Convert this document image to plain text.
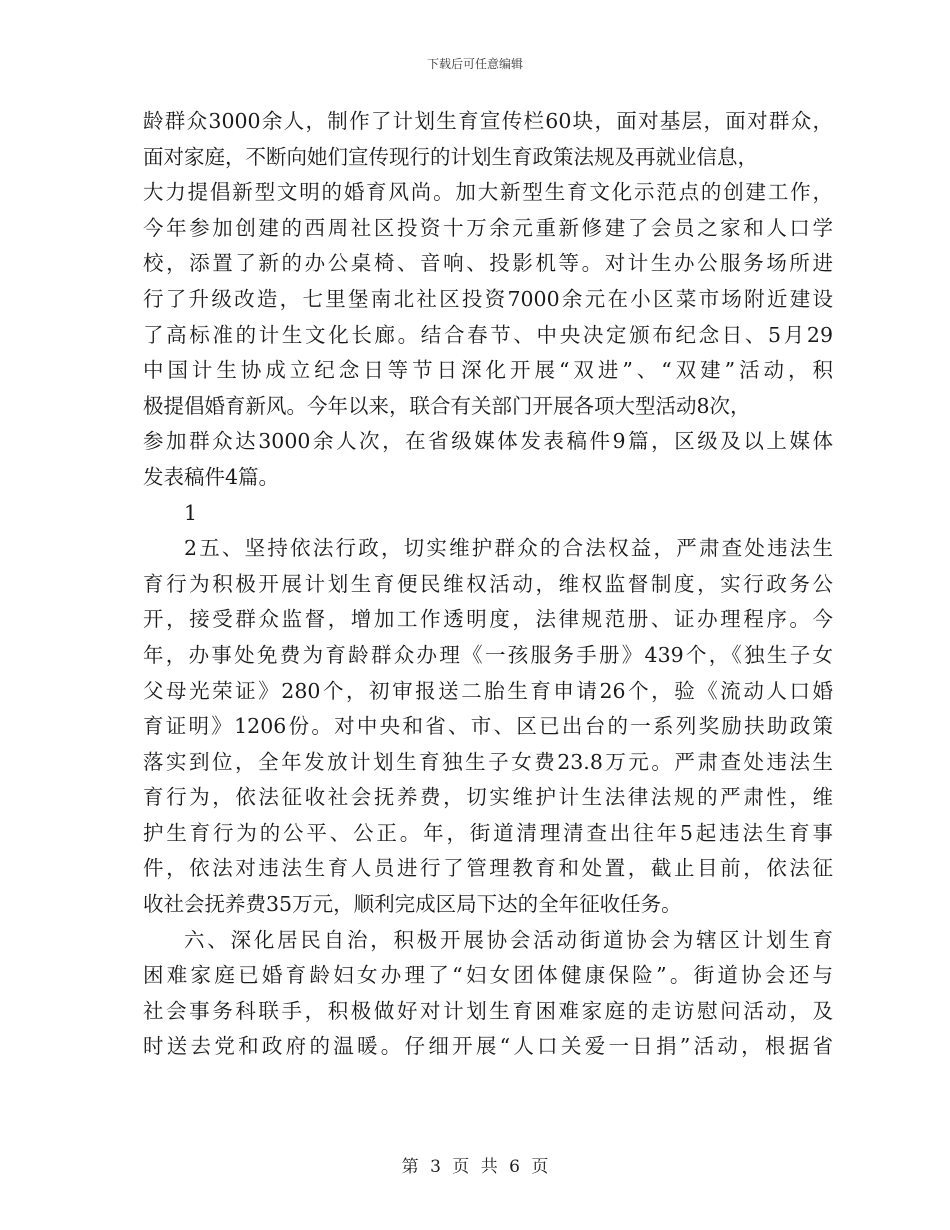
下载后可任意编辑
龄群众3000余人，制作了计划生育宣传栏60块，面对基层，面对群众，
面对家庭，不断向她们宣传现行的计划生育政策法规及再就业信息，
大力提倡新型文明的婚育风尚。加大新型生育文化示范点的创建工作，
今年参加创建的西周社区投资十万余元重新修建了会员之家和人口学
校，添置了新的办公桌椅、音响、投影机等。对计生办公服务场所进
行了升级改造，七里堡南北社区投资7000余元在小区菜市场附近建设
了高标准的计生文化长廊。结合春节、中央决定颁布纪念日、5月29
中国计生协成立纪念日等节日深化开展“双进”、“双建”活动，积
极提倡婚育新风。今年以来，联合有关部门开展各项大型活动8次，
参加群众达3000余人次，在省级媒体发表稿件9篇，区级及以上媒体
发表稿件4篇。
1
2五、坚持依法行政，切实维护群众的合法权益，严肃查处违法生
育行为积极开展计划生育便民维权活动，维权监督制度，实行政务公
开，接受群众监督，增加工作透明度，法律规范册、证办理程序。今
年，办事处免费为育龄群众办理《一孩服务手册》439个，《独生子女
父母光荣证》280个，初审报送二胎生育申请26个，验《流动人口婚
育证明》1206份。对中央和省、市、区已出台的一系列奖励扶助政策
落实到位，全年发放计划生育独生子女费23.8万元。严肃查处违法生
育行为，依法征收社会抚养费，切实维护计生法律法规的严肃性，维
护生育行为的公平、公正。年，街道清理清查出往年5起违法生育事
件，依法对违法生育人员进行了管理教育和处置，截止目前，依法征
收社会抚养费35万元，顺利完成区局下达的全年征收任务。
六、深化居民自治，积极开展协会活动街道协会为辖区计划生育
困难家庭已婚育龄妇女办理了“妇女团体健康保险”。街道协会还与
社会事务科联手，积极做好对计划生育困难家庭的走访慰问活动，及
时送去党和政府的温暖。仔细开展“人口关爱一日捐”活动，根据省
第 3 页 共 6 页
